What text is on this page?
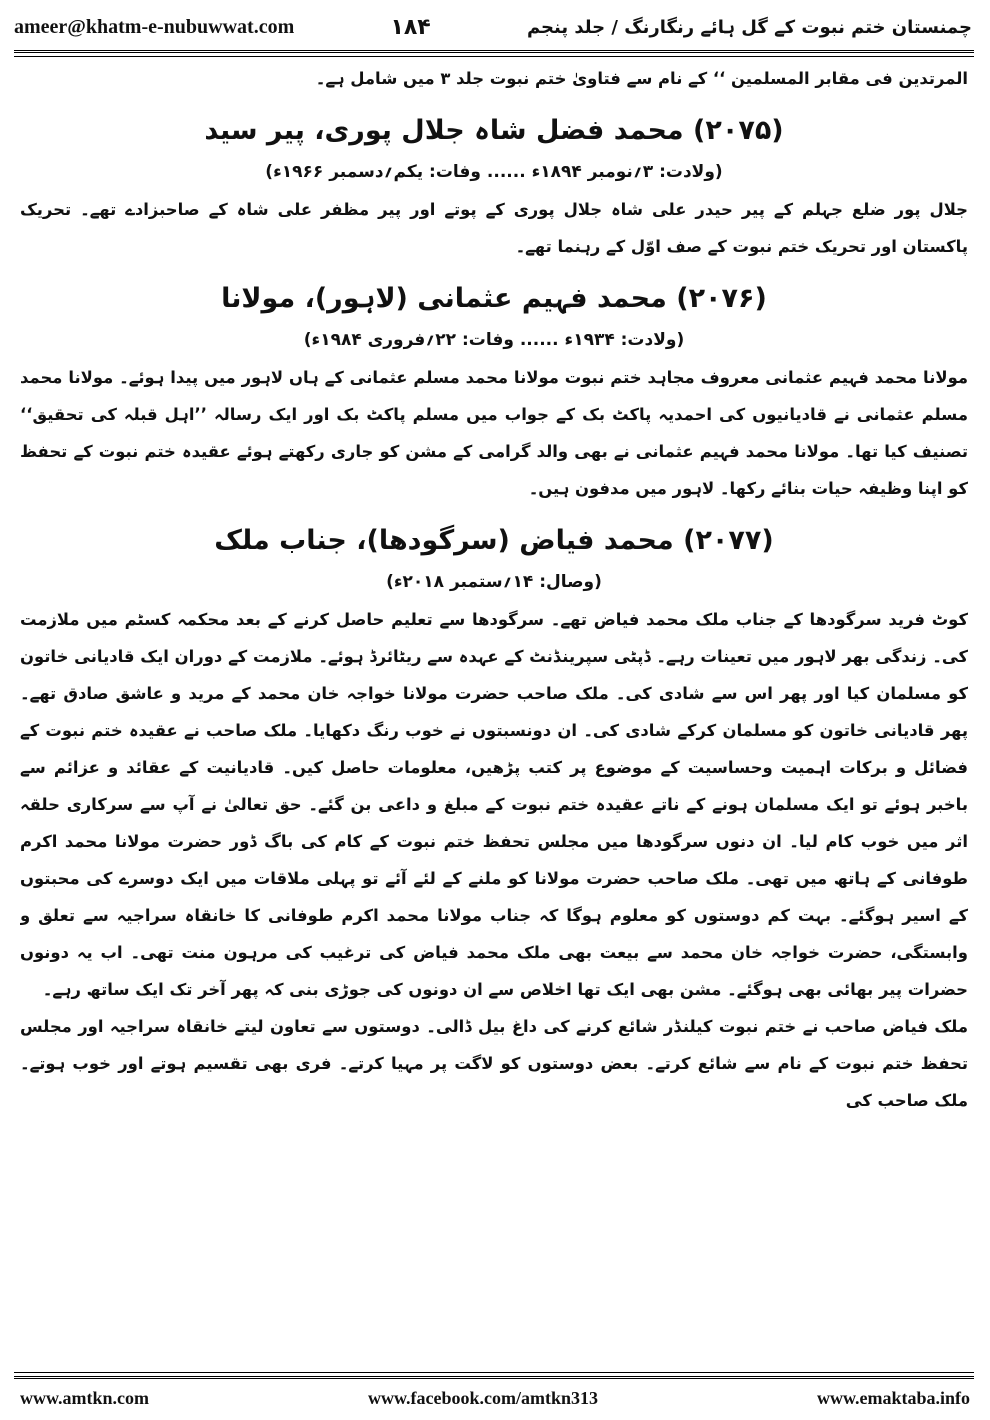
ameer@khatm-e-nubuwwat.com	۱۸۴	چمنستان ختم نبوت کے گل ہائے رنگارنگ / جلد پنجم

المرتدین فی مقابر المسلمین ‘‘ کے نام سے فتاویٰ ختم نبوت جلد ۳ میں شامل ہے۔

(۲۰۷۵) محمد فضل شاہ جلال پوری، پیر سید
(ولادت: ۳؍نومبر ۱۸۹۴ء ...... وفات: یکم؍دسمبر ۱۹۶۶ء)

جلال پور ضلع جہلم کے پیر حیدر علی شاہ جلال پوری کے پوتے اور پیر مظفر علی شاہ کے صاحبزادے تھے۔ تحریک پاکستان اور تحریک ختم نبوت کے صف اوّل کے رہنما تھے۔

(۲۰۷۶) محمد فہیم عثمانی (لاہور)، مولانا
(ولادت: ۱۹۳۴ء ...... وفات: ۲۲؍فروری ۱۹۸۴ء)

مولانا محمد فہیم عثمانی معروف مجاہد ختم نبوت مولانا محمد مسلم عثمانی کے ہاں لاہور میں پیدا ہوئے۔ مولانا محمد مسلم عثمانی نے قادیانیوں کی احمدیہ پاکٹ بک کے جواب میں مسلم پاکٹ بک اور ایک رسالہ ’’اہل قبلہ کی تحقیق‘‘ تصنیف کیا تھا۔ مولانا محمد فہیم عثمانی نے بھی والد گرامی کے مشن کو جاری رکھتے ہوئے عقیدہ ختم نبوت کے تحفظ کو اپنا وظیفہ حیات بنائے رکھا۔ لاہور میں مدفون ہیں۔

(۲۰۷۷) محمد فیاض (سرگودھا)، جناب ملک
(وصال: ۱۴؍ستمبر ۲۰۱۸ء)

کوٹ فرید سرگودھا کے جناب ملک محمد فیاض تھے۔ سرگودھا سے تعلیم حاصل کرنے کے بعد محکمہ کسٹم میں ملازمت کی۔ زندگی بھر لاہور میں تعینات رہے۔ ڈپٹی سپرینڈنٹ کے عہدہ سے ریٹائرڈ ہوئے۔ ملازمت کے دوران ایک قادیانی خاتون کو مسلمان کیا اور پھر اس سے شادی کی۔ ملک صاحب حضرت مولانا خواجہ خان محمد کے مرید و عاشق صادق تھے۔ پھر قادیانی خاتون کو مسلمان کرکے شادی کی۔ ان دونسبتوں نے خوب رنگ دکھایا۔ ملک صاحب نے عقیدہ ختم نبوت کے فضائل و برکات اہمیت وحساسیت کے موضوع پر کتب پڑھیں، معلومات حاصل کیں۔ قادیانیت کے عقائد و عزائم سے باخبر ہوئے تو ایک مسلمان ہونے کے ناتے عقیدہ ختم نبوت کے مبلغ و داعی بن گئے۔ حق تعالیٰ نے آپ سے سرکاری حلقہ اثر میں خوب کام لیا۔ ان دنوں سرگودھا میں مجلس تحفظ ختم نبوت کے کام کی باگ ڈور حضرت مولانا محمد اکرم طوفانی کے ہاتھ میں تھی۔ ملک صاحب حضرت مولانا کو ملنے کے لئے آئے تو پہلی ملاقات میں ایک دوسرے کی محبتوں کے اسیر ہوگئے۔ بہت کم دوستوں کو معلوم ہوگا کہ جناب مولانا محمد اکرم طوفانی کا خانقاہ سراجیہ سے تعلق و وابستگی، حضرت خواجہ خان محمد سے بیعت بھی ملک محمد فیاض کی ترغیب کی مرہون منت تھی۔ اب یہ دونوں حضرات پیر بھائی بھی ہوگئے۔ مشن بھی ایک تھا اخلاص سے ان دونوں کی جوڑی بنی کہ پھر آخر تک ایک ساتھ رہے۔

ملک فیاض صاحب نے ختم نبوت کیلنڈر شائع کرنے کی داغ بیل ڈالی۔ دوستوں سے تعاون لیتے خانقاہ سراجیہ اور مجلس تحفظ ختم نبوت کے نام سے شائع کرتے۔ بعض دوستوں کو لاگت پر مہیا کرتے۔ فری بھی تقسیم ہوتے اور خوب ہوتے۔ ملک صاحب کی

www.amtkn.com	www.facebook.com/amtkn313	www.emaktaba.info
